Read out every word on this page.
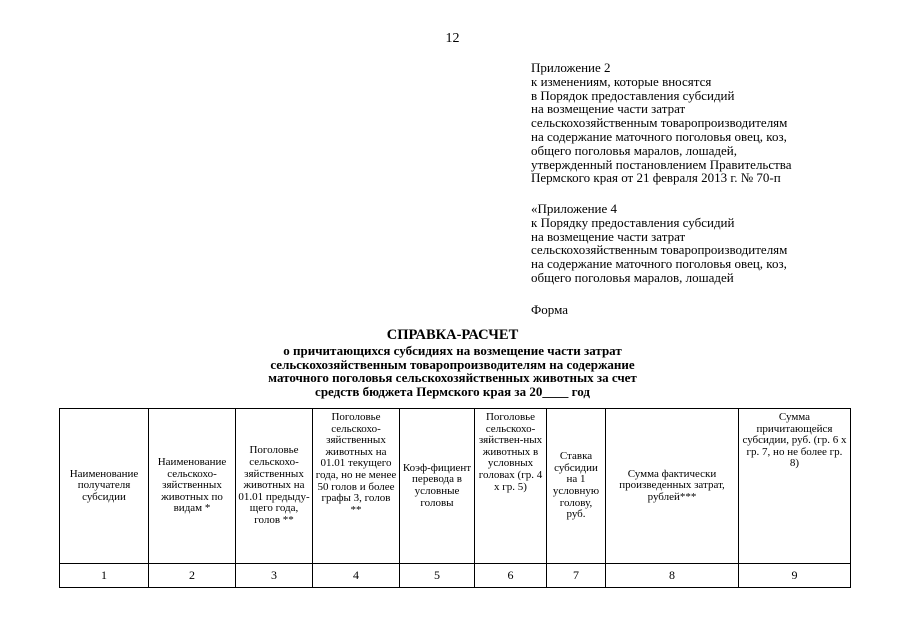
12
Приложение 2
к изменениям, которые вносятся
в Порядок предоставления субсидий
на возмещение части затрат
сельскохозяйственным товаропроизводителям
на содержание маточного поголовья овец, коз,
общего поголовья маралов, лошадей,
утвержденный постановлением Правительства
Пермского края от 21 февраля 2013 г. № 70-п
«Приложение 4
к Порядку предоставления субсидий
на возмещение части затрат
сельскохозяйственным товаропроизводителям
на содержание маточного поголовья овец, коз,
общего поголовья маралов, лошадей
Форма
СПРАВКА-РАСЧЕТ
о причитающихся субсидиях на возмещение части затрат
сельскохозяйственным товаропроизводителям на содержание
маточного поголовья сельскохозяйственных животных за счет
средств бюджета Пермского края за 20____ год
Наименование получателя субсидии	Наименование сельскохо-зяйственных животных по видам *	Поголовье сельскохо-зяйственных животных на 01.01 предыду-щего года, голов **	Поголовье сельскохо-зяйственных животных на 01.01 текущего года, но не менее 50 голов и более графы 3, голов **	Коэф-фициент перевода в условные головы	Поголовье сельскохо-зяйствен-ных животных в условных головах (гр. 4 x гр. 5)	Ставка субсидии на 1 условную голову, руб.	Сумма фактически произведенных затрат, рублей***	Сумма причитающейся субсидии, руб. (гр. 6 x гр. 7, но не более гр. 8)
1	2	3	4	5	6	7	8	9
